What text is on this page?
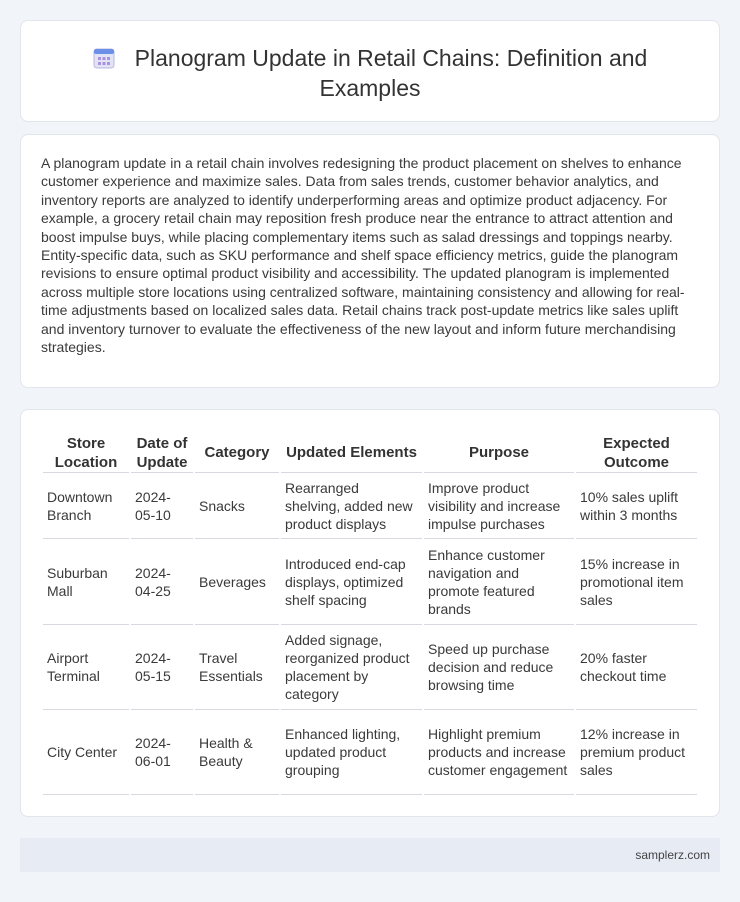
Planogram Update in Retail Chains: Definition and Examples

A planogram update in a retail chain involves redesigning the product placement on shelves to enhance customer experience and maximize sales. Data from sales trends, customer behavior analytics, and inventory reports are analyzed to identify underperforming areas and optimize product adjacency. For example, a grocery retail chain may reposition fresh produce near the entrance to attract attention and boost impulse buys, while placing complementary items such as salad dressings and toppings nearby. Entity-specific data, such as SKU performance and shelf space efficiency metrics, guide the planogram revisions to ensure optimal product visibility and accessibility. The updated planogram is implemented across multiple store locations using centralized software, maintaining consistency and allowing for real-time adjustments based on localized sales data. Retail chains track post-update metrics like sales uplift and inventory turnover to evaluate the effectiveness of the new layout and inform future merchandising strategies.

Store Location	Date of Update	Category	Updated Elements	Purpose	Expected Outcome
Downtown Branch	2024-05-10	Snacks	Rearranged shelving, added new product displays	Improve product visibility and increase impulse purchases	10% sales uplift within 3 months
Suburban Mall	2024-04-25	Beverages	Introduced end-cap displays, optimized shelf spacing	Enhance customer navigation and promote featured brands	15% increase in promotional item sales
Airport Terminal	2024-05-15	Travel Essentials	Added signage, reorganized product placement by category	Speed up purchase decision and reduce browsing time	20% faster checkout time
City Center	2024-06-01	Health & Beauty	Enhanced lighting, updated product grouping	Highlight premium products and increase customer engagement	12% increase in premium product sales
samplerz.com
